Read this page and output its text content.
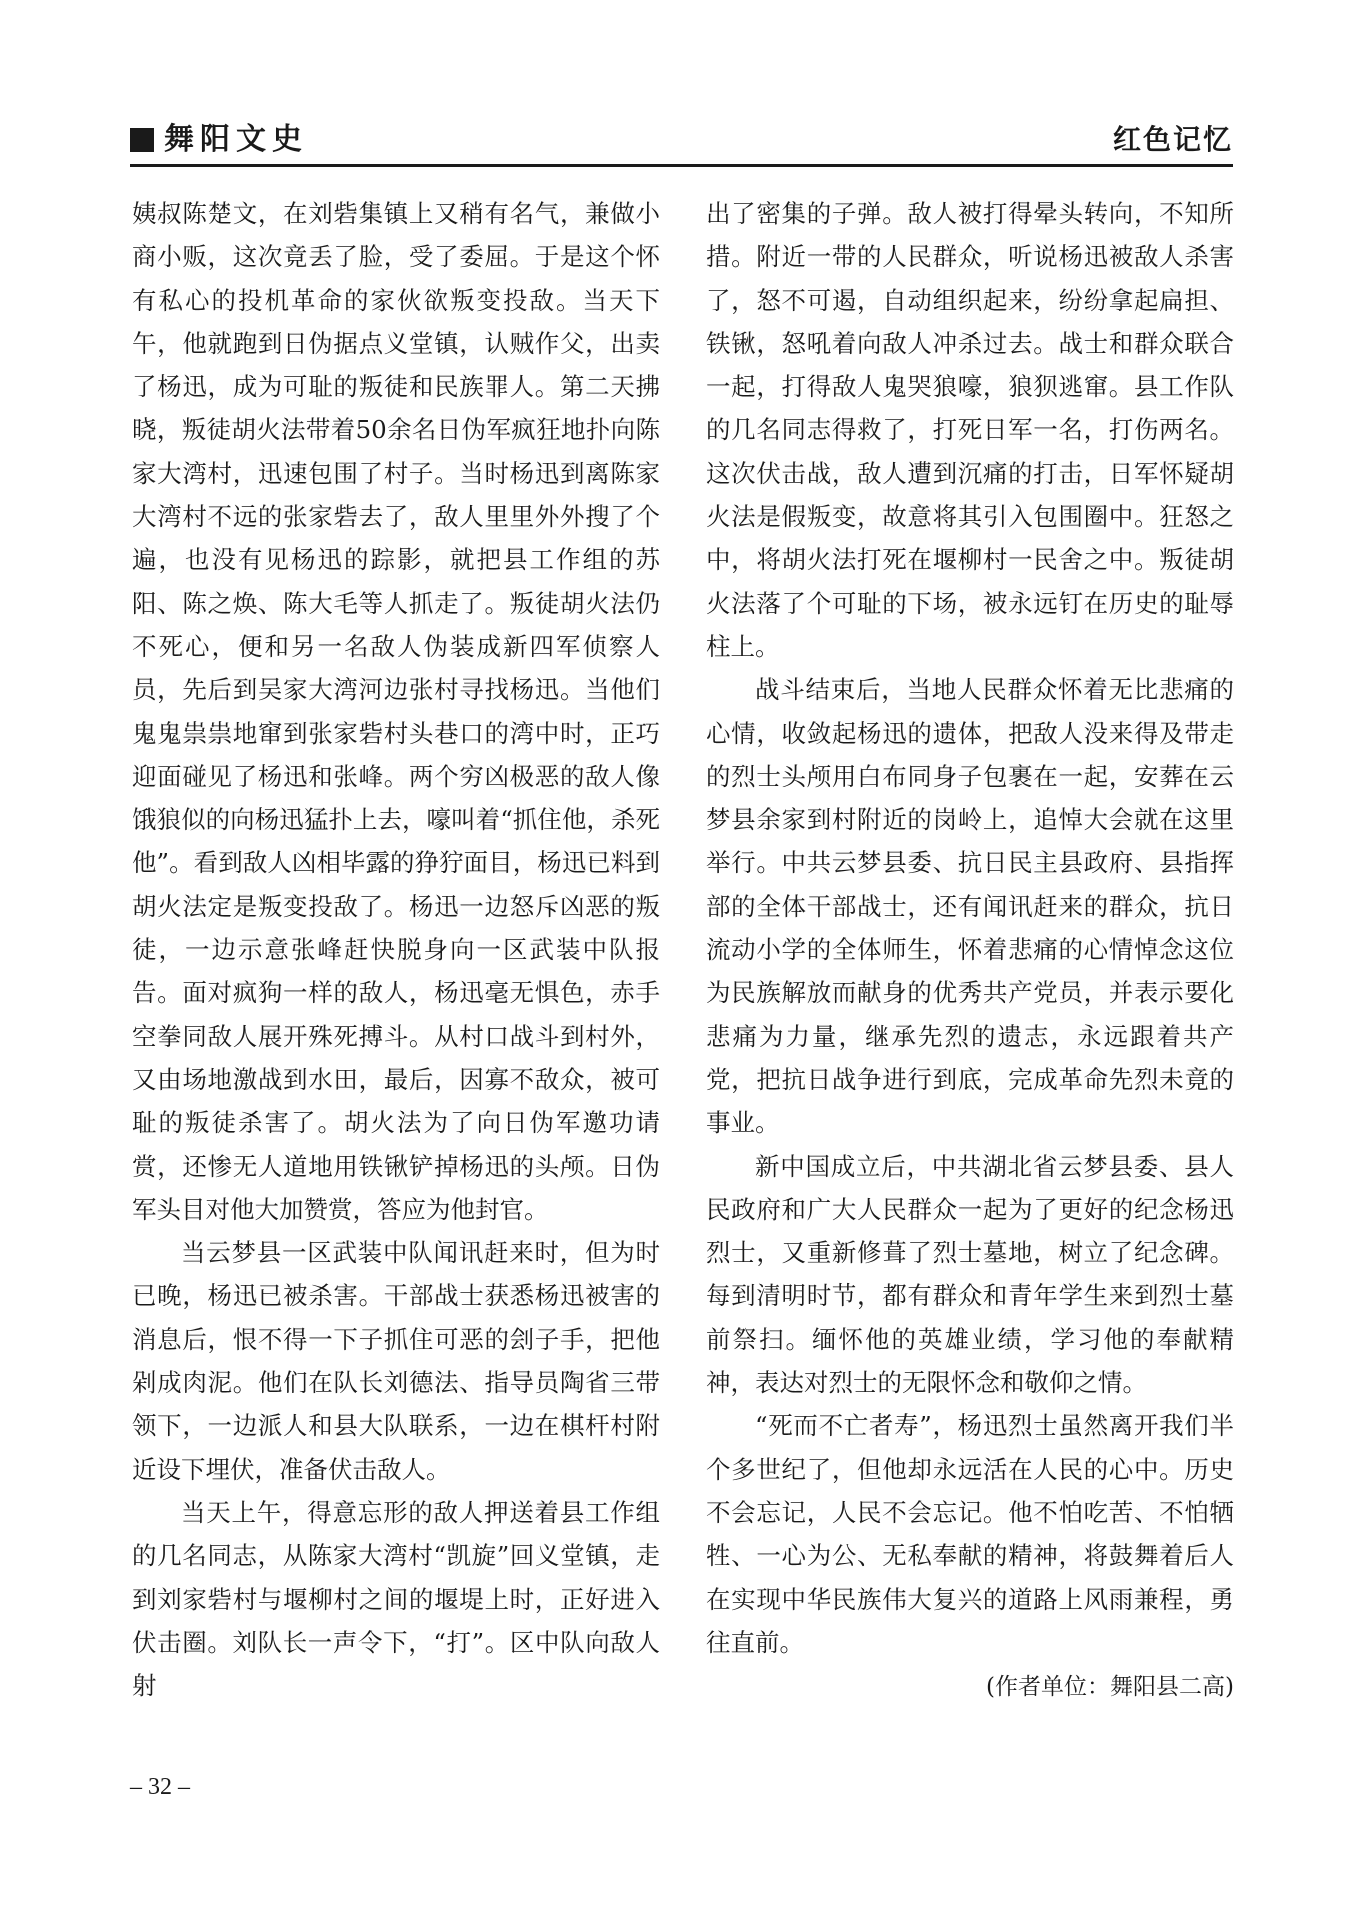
舞阳文史	红色记忆

姨叔陈楚文，在刘砦集镇上又稍有名气，兼做小商小贩，这次竟丢了脸，受了委屈。于是这个怀有私心的投机革命的家伙欲叛变投敌。当天下午，他就跑到日伪据点义堂镇，认贼作父，出卖了杨迅，成为可耻的叛徒和民族罪人。第二天拂晓，叛徒胡火法带着50余名日伪军疯狂地扑向陈家大湾村，迅速包围了村子。当时杨迅到离陈家大湾村不远的张家砦去了，敌人里里外外搜了个遍，也没有见杨迅的踪影，就把县工作组的苏阳、陈之焕、陈大毛等人抓走了。叛徒胡火法仍不死心，便和另一名敌人伪装成新四军侦察人员，先后到吴家大湾河边张村寻找杨迅。当他们鬼鬼祟祟地窜到张家砦村头巷口的湾中时，正巧迎面碰见了杨迅和张峰。两个穷凶极恶的敌人像饿狼似的向杨迅猛扑上去，嚎叫着“抓住他，杀死他”。看到敌人凶相毕露的狰狞面目，杨迅已料到胡火法定是叛变投敌了。杨迅一边怒斥凶恶的叛徒，一边示意张峰赶快脱身向一区武装中队报告。面对疯狗一样的敌人，杨迅毫无惧色，赤手空拳同敌人展开殊死搏斗。从村口战斗到村外，又由场地激战到水田，最后，因寡不敌众，被可耻的叛徒杀害了。胡火法为了向日伪军邀功请赏，还惨无人道地用铁锹铲掉杨迅的头颅。日伪军头目对他大加赞赏，答应为他封官。

当云梦县一区武装中队闻讯赶来时，但为时已晚，杨迅已被杀害。干部战士获悉杨迅被害的消息后，恨不得一下子抓住可恶的刽子手，把他剁成肉泥。他们在队长刘德法、指导员陶省三带领下，一边派人和县大队联系，一边在棋杆村附近设下埋伏，准备伏击敌人。

当天上午，得意忘形的敌人押送着县工作组的几名同志，从陈家大湾村“凯旋”回义堂镇，走到刘家砦村与堰柳村之间的堰堤上时，正好进入伏击圈。刘队长一声令下，“打”。区中队向敌人射

出了密集的子弹。敌人被打得晕头转向，不知所措。附近一带的人民群众，听说杨迅被敌人杀害了，怒不可遏，自动组织起来，纷纷拿起扁担、铁锹，怒吼着向敌人冲杀过去。战士和群众联合一起，打得敌人鬼哭狼嚎，狼狈逃窜。县工作队的几名同志得救了，打死日军一名，打伤两名。这次伏击战，敌人遭到沉痛的打击，日军怀疑胡火法是假叛变，故意将其引入包围圈中。狂怒之中，将胡火法打死在堰柳村一民舍之中。叛徒胡火法落了个可耻的下场，被永远钉在历史的耻辱柱上。

战斗结束后，当地人民群众怀着无比悲痛的心情，收敛起杨迅的遗体，把敌人没来得及带走的烈士头颅用白布同身子包裹在一起，安葬在云梦县余家到村附近的岗岭上，追悼大会就在这里举行。中共云梦县委、抗日民主县政府、县指挥部的全体干部战士，还有闻讯赶来的群众，抗日流动小学的全体师生，怀着悲痛的心情悼念这位为民族解放而献身的优秀共产党员，并表示要化悲痛为力量，继承先烈的遗志，永远跟着共产党，把抗日战争进行到底，完成革命先烈未竟的事业。

新中国成立后，中共湖北省云梦县委、县人民政府和广大人民群众一起为了更好的纪念杨迅烈士，又重新修葺了烈士墓地，树立了纪念碑。每到清明时节，都有群众和青年学生来到烈士墓前祭扫。缅怀他的英雄业绩，学习他的奉献精神，表达对烈士的无限怀念和敬仰之情。

“死而不亡者寿”，杨迅烈士虽然离开我们半个多世纪了，但他却永远活在人民的心中。历史不会忘记，人民不会忘记。他不怕吃苦、不怕牺牲、一心为公、无私奉献的精神，将鼓舞着后人在实现中华民族伟大复兴的道路上风雨兼程，勇往直前。

(作者单位：舞阳县二高)

– 32 –
